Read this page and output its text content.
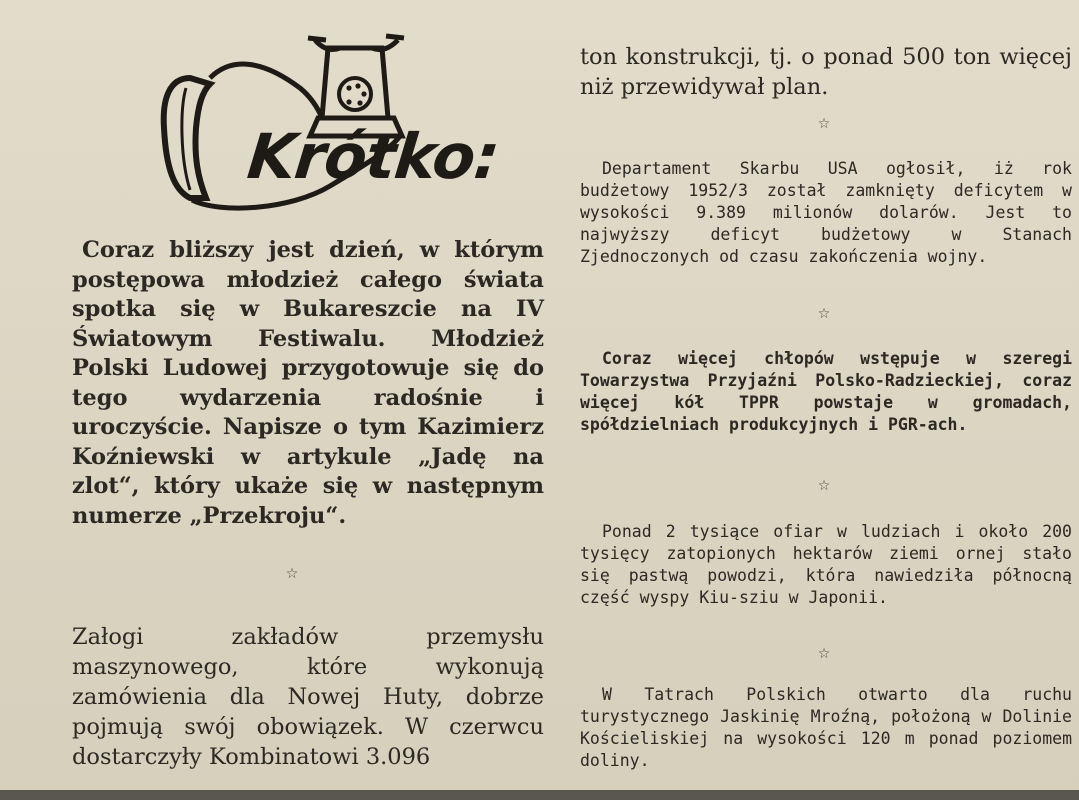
Krótko:

Coraz bliższy jest dzień, w którym postępowa młodzież całego świata spotka się w Bukareszcie na IV Światowym Festiwalu. Młodzież Polski Ludowej przygotowuje się do tego wydarzenia radośnie i uroczyście. Napisze o tym Kazimierz Koźniewski w artykule „Jadę na zlot“, który ukaże się w następnym numerze „Przekroju“.

☆

Załogi zakładów przemysłu maszynowego, które wykonują zamówienia dla Nowej Huty, dobrze pojmują swój obowiązek. W czerwcu dostarczyły Kombinatowi 3.096

ton konstrukcji, tj. o ponad 500 ton więcej niż przewidywał plan.

☆

Departament Skarbu USA ogłosił, iż rok budżetowy 1952/3 został zamknięty deficytem w wysokości 9.389 milionów dolarów. Jest to najwyższy deficyt budżetowy w Stanach Zjednoczonych od czasu zakończenia wojny.

☆

Coraz więcej chłopów wstępuje w szeregi Towarzystwa Przyjaźni Polsko-Radzieckiej, coraz więcej kół TPPR powstaje w gromadach, spółdzielniach produkcyjnych i PGR-ach.

☆

Ponad 2 tysiące ofiar w ludziach i około 200 tysięcy zatopionych hektarów ziemi ornej stało się pastwą powodzi, która nawiedziła północną część wyspy Kiu-sziu w Japonii.

☆

W Tatrach Polskich otwarto dla ruchu turystycznego Jaskinię Mroźną, położoną w Dolinie Kościeliskiej na wysokości 120 m ponad poziomem doliny.
